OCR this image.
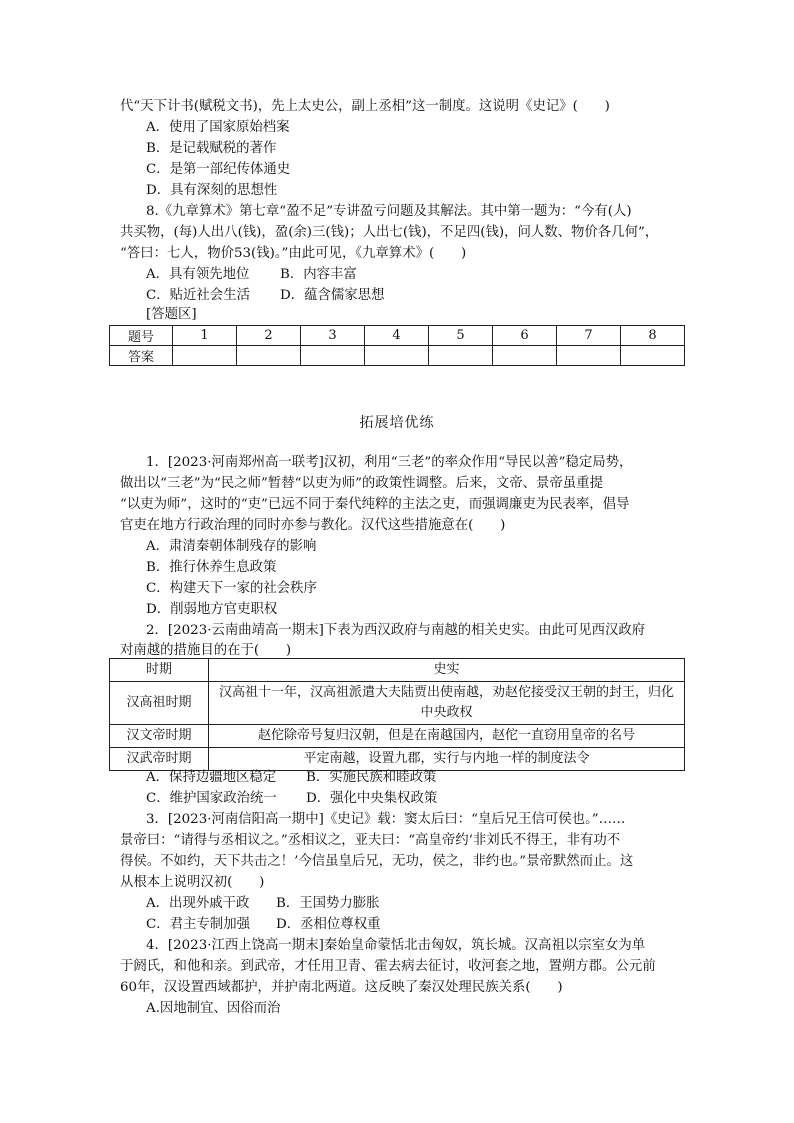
代“天下计书(赋税文书)，先上太史公，副上丞相”这一制度。这说明《史记》(　　)
A．使用了国家原始档案
B．是记载赋税的著作
C．是第一部纪传体通史
D．具有深刻的思想性
8.《九章算术》第七章“盈不足”专讲盈亏问题及其解法。其中第一题为：“今有(人)
共买物，(每)人出八(钱)，盈(余)三(钱)；人出七(钱)，不足四(钱)，问人数、物价各几何”，
“答曰：七人，物价53(钱)。”由此可见，《九章算术》(　　)
A．具有领先地位	B．内容丰富
C．贴近社会生活	D．蕴含儒家思想
[答题区]
题号	1	2	3	4	5	6	7	8
答案								
拓展培优练
1．[2023·河南郑州高一联考]汉初，利用“三老”的率众作用“导民以善”稳定局势，
做出以“三老”为“民之师”暂替“以吏为师”的政策性调整。后来，文帝、景帝虽重提
“以吏为师”，这时的“吏”已远不同于秦代纯粹的主法之吏，而强调廉吏为民表率，倡导
官吏在地方行政治理的同时亦参与教化。汉代这些措施意在(　　)
A．肃清秦朝体制残存的影响
B．推行休养生息政策
C．构建天下一家的社会秩序
D．削弱地方官吏职权
2．[2023·云南曲靖高一期末]下表为西汉政府与南越的相关史实。由此可见西汉政府
对南越的措施目的在于(　　)
时期	史实
汉高祖时期	汉高祖十一年，汉高祖派遣大夫陆贾出使南越，劝赵佗接受汉王朝的封王，归化中央政权
汉文帝时期	赵佗除帝号复归汉朝，但是在南越国内，赵佗一直窃用皇帝的名号
汉武帝时期	平定南越，设置九郡，实行与内地一样的制度法令
A．保持边疆地区稳定	B．实施民族和睦政策
C．维护国家政治统一	D．强化中央集权政策
3．[2023·河南信阳高一期中]《史记》载：窦太后曰：“皇后兄王信可侯也。”……
景帝曰：“请得与丞相议之。”丞相议之，亚夫曰：“高皇帝约‘非刘氏不得王，非有功不
得侯。不如约，天下共击之！’今信虽皇后兄，无功，侯之，非约也。”景帝默然而止。这
从根本上说明汉初(　　)
A．出现外戚干政	B．王国势力膨胀
C．君主专制加强	D．丞相位尊权重
4．[2023·江西上饶高一期末]秦始皇命蒙恬北击匈奴，筑长城。汉高祖以宗室女为单
于阏氏，和他和亲。到武帝，才任用卫青、霍去病去征讨，收河套之地，置朔方郡。公元前
60年，汉设置西域都护，并护南北两道。这反映了秦汉处理民族关系(　　)
A.因地制宜、因俗而治
